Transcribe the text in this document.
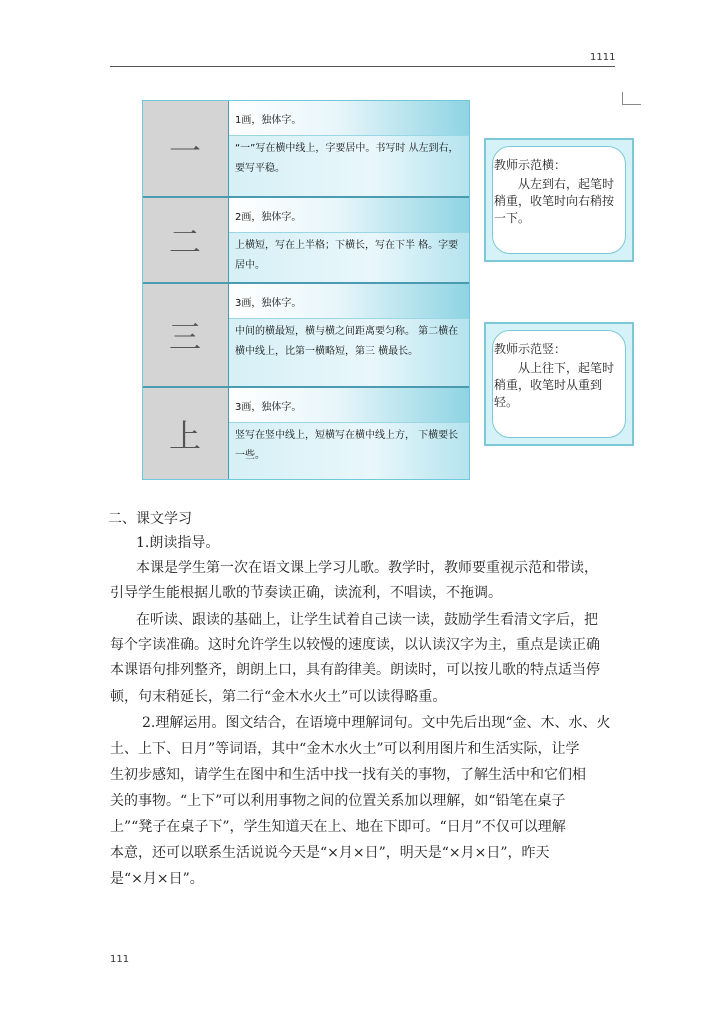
1111
一
1画，独体字。
“一”写在横中线上，字要居中。书写时 从左到右，要写平稳。
二
2画，独体字。
上横短，写在上半格；下横长，写在下半 格。字要居中。
三
3画，独体字。
中间的横最短，横与横之间距离要匀称。 第二横在横中线上，比第一横略短，第三 横最长。
上
3画，独体字。
竖写在竖中线上，短横写在横中线上方， 下横要长一些。
教师示范横：
从左到右，起笔时稍重，收笔时向右稍按一下。
教师示范竖：
从上往下，起笔时稍重，收笔时从重到轻。
二、课文学习
1.朗读指导。
本课是学生第一次在语文课上学习儿歌。教学时，教师要重视示范和带读，
引导学生能根据儿歌的节奏读正确，读流利，不唱读，不拖调。
在听读、跟读的基础上，让学生试着自己读一读，鼓励学生看清文字后，把
每个字读准确。这时允许学生以较慢的速度读，以认读汉字为主，重点是读正确
本课语句排列整齐，朗朗上口，具有韵律美。朗读时，可以按儿歌的特点适当停
顿，句末稍延长，第二行“金木水火土”可以读得略重。
2.理解运用。图文结合，在语境中理解词句。文中先后出现“金、木、水、火
土、上下、日月”等词语，其中“金木水火土”可以利用图片和生活实际，让学
生初步感知，请学生在图中和生活中找一找有关的事物，了解生活中和它们相
关的事物。“上下”可以利用事物之间的位置关系加以理解，如“铅笔在桌子
上”“凳子在桌子下”，学生知道天在上、地在下即可。“日月”不仅可以理解
本意，还可以联系生活说说今天是“×月×日”，明天是“×月×日”，昨天
是“×月×日”。
111
